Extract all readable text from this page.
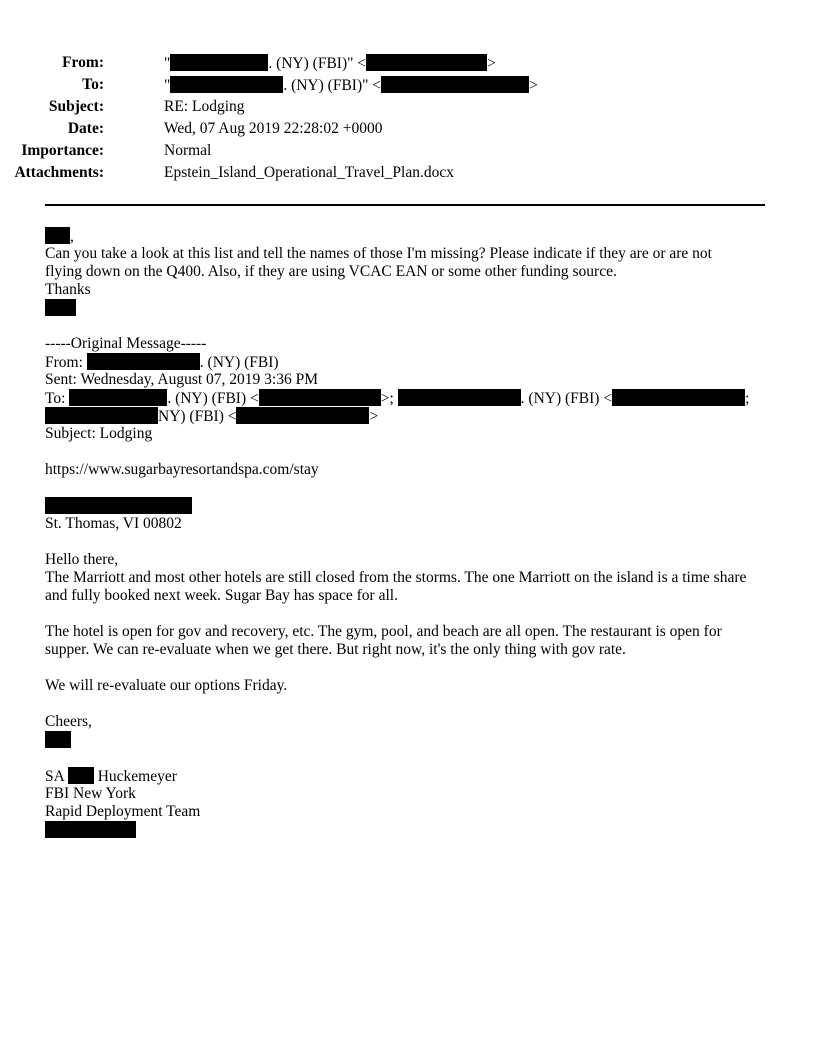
From:	"	. (NY) (FBI)" <	>
To:	"	. (NY) (FBI)" <	>
Subject:	RE: Lodging
Date:	Wed, 07 Aug 2019 22:28:02 +0000
Importance:	Normal
Attachments:	Epstein_Island_Operational_Travel_Plan.docx
,
Can you take a look at this list and tell the names of those I'm missing? Please indicate if they are or are not
flying down on the Q400. Also, if they are using VCAC EAN or some other funding source.
Thanks
-----Original Message-----
From:	. (NY) (FBI)
Sent: Wednesday, August 07, 2019 3:36 PM
To:	. (NY) (FBI) <	>;	. (NY) (FBI) <	;
NY) (FBI) <	>
Subject: Lodging
https://www.sugarbayresortandspa.com/stay
St. Thomas, VI 00802
Hello there,
The Marriott and most other hotels are still closed from the storms. The one Marriott on the island is a time share
and fully booked next week. Sugar Bay has space for all.
The hotel is open for gov and recovery, etc. The gym, pool, and beach are all open. The restaurant is open for
supper. We can re-evaluate when we get there. But right now, it's the only thing with gov rate.
We will re-evaluate our options Friday.
Cheers,
SA Huckemeyer
FBI New York
Rapid Deployment Team
